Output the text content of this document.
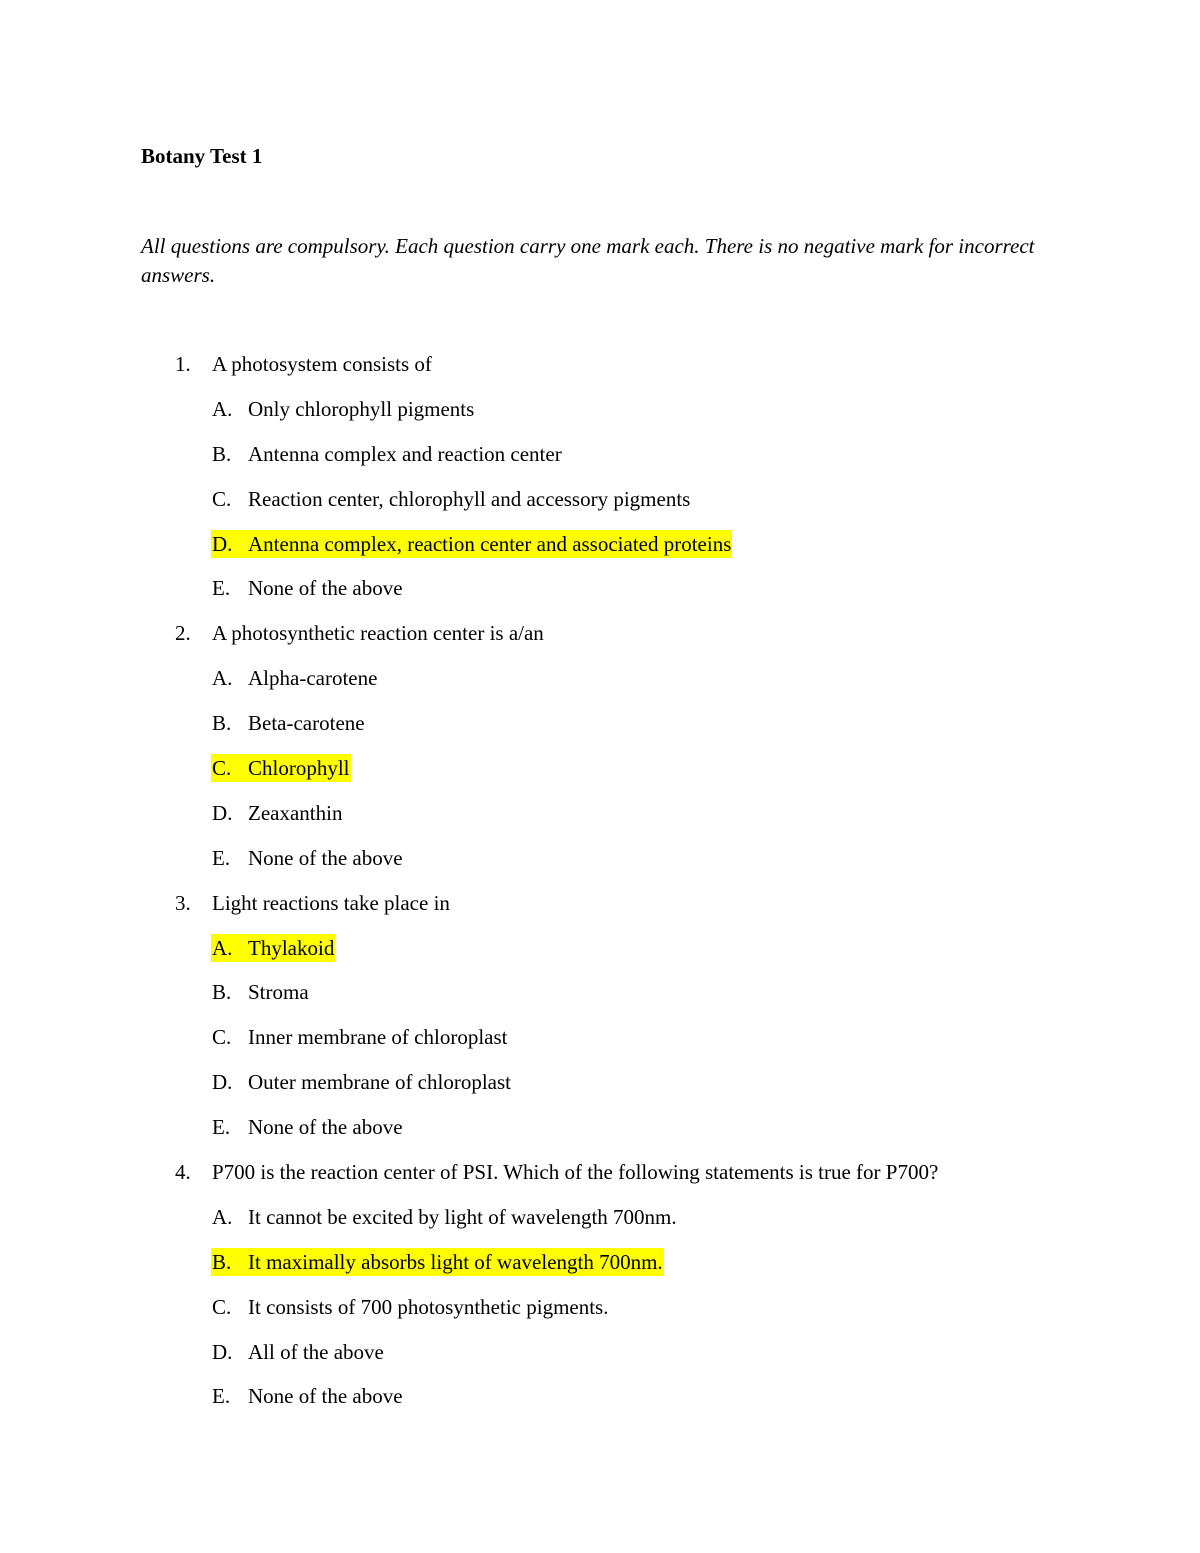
Botany Test 1

All questions are compulsory. Each question carry one mark each. There is no negative mark for incorrect answers.

1. A photosystem consists of
A. Only chlorophyll pigments
B. Antenna complex and reaction center
C. Reaction center, chlorophyll and accessory pigments
D. Antenna complex, reaction center and associated proteins
E. None of the above
2. A photosynthetic reaction center is a/an
A. Alpha-carotene
B. Beta-carotene
C. Chlorophyll
D. Zeaxanthin
E. None of the above
3. Light reactions take place in
A. Thylakoid
B. Stroma
C. Inner membrane of chloroplast
D. Outer membrane of chloroplast
E. None of the above
4. P700 is the reaction center of PSI. Which of the following statements is true for P700?
A. It cannot be excited by light of wavelength 700nm.
B. It maximally absorbs light of wavelength 700nm.
C. It consists of 700 photosynthetic pigments.
D. All of the above
E. None of the above
